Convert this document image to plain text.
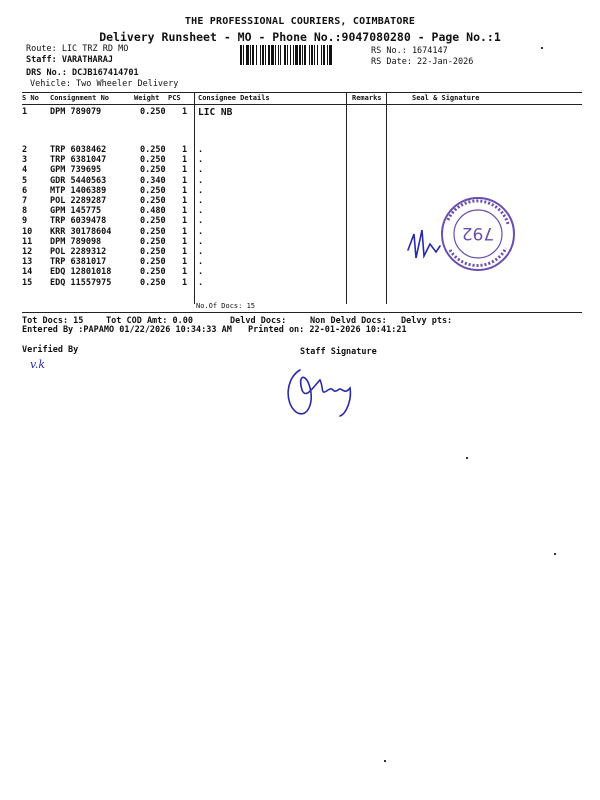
THE PROFESSIONAL COURIERS, COIMBATORE
Delivery Runsheet - MO - Phone No.:9047080280 - Page No.:1
Route: LIC TRZ RD MO
Staff: VARATHARAJ
DRS No.: DCJB167414701
Vehicle: Two Wheeler Delivery
RS No.: 1674147
RS Date: 22-Jan-2026
S No Consignment No	Weight PCS Consignee Details	Remarks	Seal & Signature
1	DPM 789079	0.250 1 LIC NB
2	TRP 6038462	0.250 1 .
3	TRP 6381047	0.250 1 .
4	GPM 739695	0.250 1 .
5	GDR 5440563	0.340 1 .
6	MTP 1406389	0.250 1 .
7	POL 2289287	0.250 1 .
8	GPM 145775	0.480 1 .
9	TRP 6039478	0.250 1 .
10 KRR 30178604	0.250 1 .
11 DPM 789098	0.250 1 .
12 POL 2289312	0.250 1 .
13 TRP 6381017	0.250 1 .
14 EDQ 12801018	0.250 1 .
15 EDQ 11557975	0.250 1 .
No.Of Docs: 15
792
Tot Docs: 15	Tot COD Amt: 0.00	Delvd Docs:	Non Delvd Docs: Delvy pts:
Entered By :PAPAMO 01/22/2026 10:34:33 AM Printed on: 22-01-2026 10:41:21
Verified By
v.k
Staff Signature
